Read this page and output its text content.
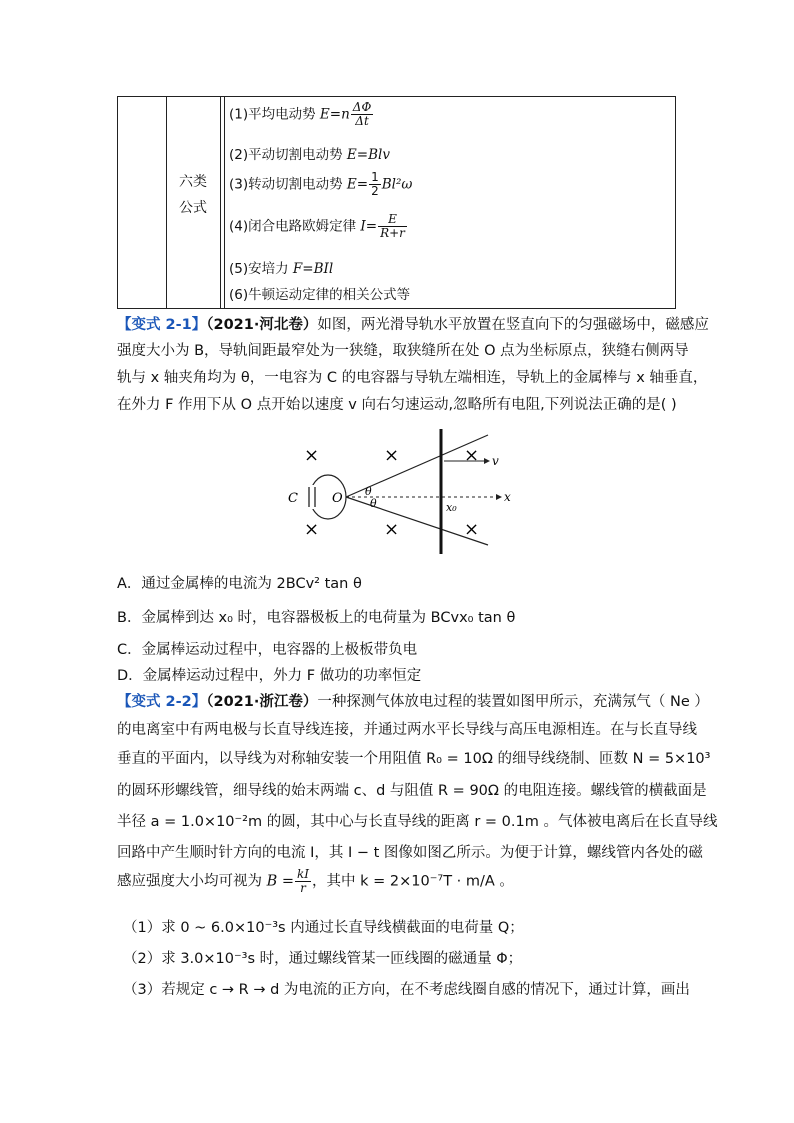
六类
公式
(1)平均电动势 $E=n \frac{\Delta\Phi}{\Delta t}$
(2)平动切割电动势 E=Blv
(3)转动切割电动势 $E= \frac{1}{2} Bl^2\omega$
(4)闭合电路欧姆定律 $I= \frac{E}{R+r}$
(5)安培力 F=BIl
(6)牛顿运动定律的相关公式等
【变式 2-1】（2021·河北卷）如图，两光滑导轨水平放置在竖直向下的匀强磁场中，磁感应
强度大小为 B，导轨间距最窄处为一狭缝，取狭缝所在处 O 点为坐标原点，狭缝右侧两导
轨与 x 轴夹角均为 θ，一电容为 C 的电容器与导轨左端相连，导轨上的金属棒与 x 轴垂直，
在外力 F 作用下从 O 点开始以速度 v 向右匀速运动,忽略所有电阻,下列说法正确的是( )
×	×	×
×	×	×
C	O	x
θ
θ
v
x₀
A．通过金属棒的电流为 2BCv² tan θ
B．金属棒到达 x₀ 时，电容器极板上的电荷量为 BCvx₀ tan θ
C．金属棒运动过程中，电容器的上极板带负电
D．金属棒运动过程中，外力 F 做功的功率恒定
【变式 2-2】（2021·浙江卷）一种探测气体放电过程的装置如图甲所示，充满氖气（ Ne ）
的电离室中有两电极与长直导线连接，并通过两水平长导线与高压电源相连。在与长直导线
垂直的平面内，以导线为对称轴安装一个用阻值 R₀ = 10Ω 的细导线绕制、匝数 N = 5×10³
的圆环形螺线管，细导线的始末两端 c、d 与阻值 R = 90Ω 的电阻连接。螺线管的横截面是
半径 a = 1.0×10⁻²m 的圆，其中心与长直导线的距离 r = 0.1m 。气体被电离后在长直导线
回路中产生顺时针方向的电流 I，其 I − t 图像如图乙所示。为便于计算，螺线管内各处的磁
感应强度大小均可视为 $B = \frac{kI}{r}$ ，其中 k = 2×10⁻⁷T · m/A 。
（1）求 0 ~ 6.0×10⁻³s 内通过长直导线横截面的电荷量 Q；
（2）求 3.0×10⁻³s 时，通过螺线管某一匝线圈的磁通量 Φ；
（3）若规定 c → R → d 为电流的正方向，在不考虑线圈自感的情况下，通过计算，画出
